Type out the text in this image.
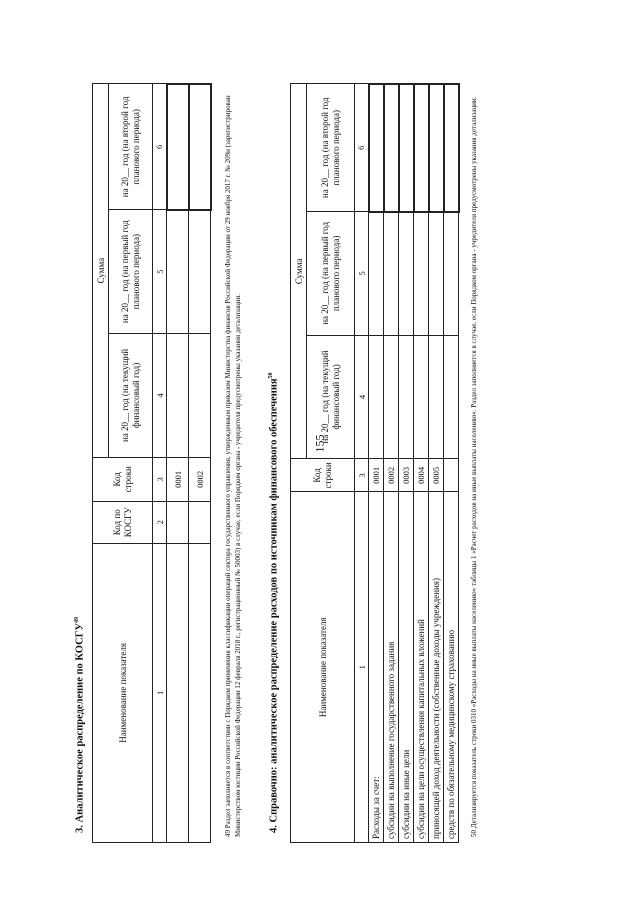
155
3. Аналитическое распределение по КОСГУ$^{49}$
Наименование показателя	Код по КОСГУ	Код строки	Сумма		
			на 20__ год (на текущий финансовый год)	на 20__ год (на первый год планового периода)	на 20__ год (на второй год планового периода)
1	2	3	4	5	6
		0001			
		0002				49 Раздел заполняется в соответствии с Порядком применения классификации операций сектора государственного управления, утвержденным приказом Министерства финансов Российской Федерации от 29 ноября 2017 г. № 209н (зарегистрирован Министерством юстиции Российской Федерации 12 февраля 2018 г., регистрационный № 50003) в случае, если Порядком органа - учредителя предусмотрены указания детализации.	4. Справочно: аналитическое распределение расходов по источникам финансового обеспечения$^{50}$
Наименование показателя	Код строки	Сумма		
		на 20__ год (на текущий финансовый год)	на 20__ год (на первый год планового периода)	на 20__ год (на второй год планового периода)
1	3	4	5	6
Расходы за счет:	0001			
субсидии на выполнение государственного задания	0002			
субсидии на иные цели	0003			
субсидии на цели осуществления капитальных вложений	0004			
приносящей доход деятельности (собственные доходы учреждения)	0005			
средств по обязательному медицинскому страхованию				50 Детализируется показатель строки 0310 «Расходы на иные выплаты населению» таблицы 1 «Расчет расходов на иные выплаты населению». Раздел заполняется в случае, если Порядком органа - учредителя предусмотрены указания детализации.
